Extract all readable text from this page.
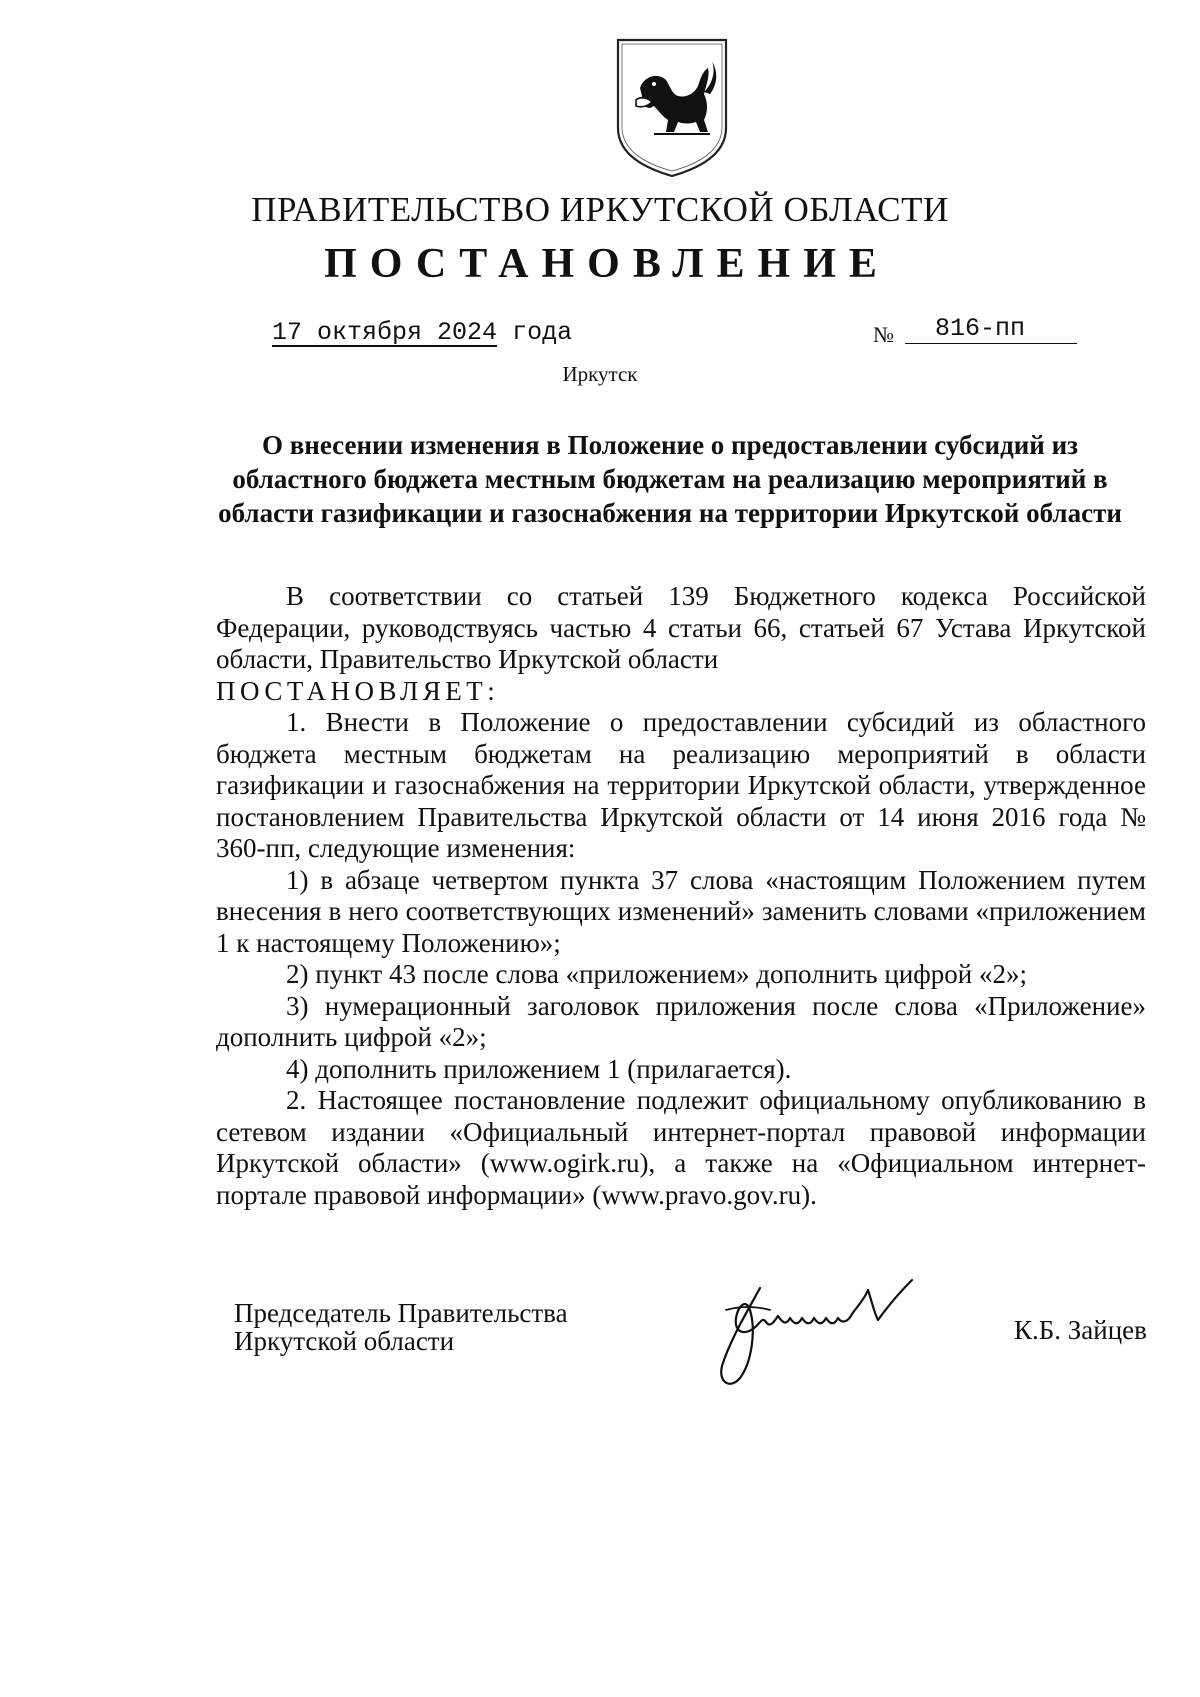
ПРАВИТЕЛЬСТВО ИРКУТСКОЙ ОБЛАСТИ
ПОСТАНОВЛЕНИЕ
17 октября 2024 года	№	816-пп
Иркутск
О внесении изменения в Положение о предоставлении субсидий из областного бюджета местным бюджетам на реализацию мероприятий в области газификации и газоснабжения на территории Иркутской области

В соответствии со статьей 139 Бюджетного кодекса Российской Федерации, руководствуясь частью 4 статьи 66, статьей 67 Устава Иркутской области, Правительство Иркутской области

ПОСТАНОВЛЯЕТ:

1. Внести в Положение о предоставлении субсидий из областного бюджета местным бюджетам на реализацию мероприятий в области газификации и газоснабжения на территории Иркутской области, утвержденное постановлением Правительства Иркутской области от 14 июня 2016 года № 360-пп, следующие изменения:

1) в абзаце четвертом пункта 37 слова «настоящим Положением путем внесения в него соответствующих изменений» заменить словами «приложением 1 к настоящему Положению»;

2) пункт 43 после слова «приложением» дополнить цифрой «2»;

3) нумерационный заголовок приложения после слова «Приложение» дополнить цифрой «2»;

4) дополнить приложением 1 (прилагается).

2. Настоящее постановление подлежит официальному опубликованию в сетевом издании «Официальный интернет-портал правовой информации Иркутской области» (www.ogirk.ru), а также на «Официальном интернет-портале правовой информации» (www.pravo.gov.ru).

Председатель Правительства
Иркутской области	К.Б. Зайцев
